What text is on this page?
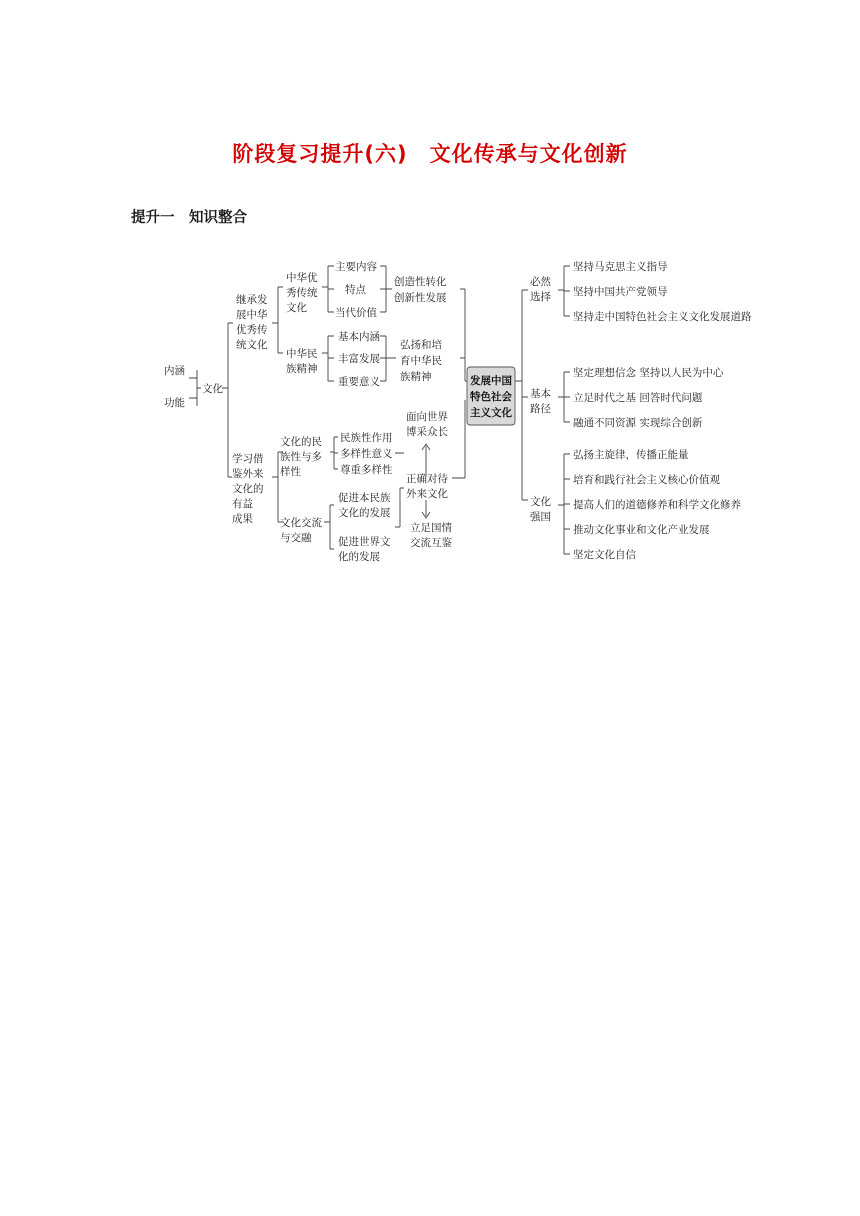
阶段复习提升(六)　文化传承与文化创新
提升一　知识整合
内涵
功能
文化
继承发
展中华
优秀传
统文化
中华优
秀传统
文化
主要内容
特点
当代价值
创造性转化
创新性发展
中华民
族精神
基本内涵
丰富发展
重要意义
弘扬和培
育中华民
族精神
学习借
鉴外来
文化的
有益
成果
文化的民
族性与多
样性
民族性作用
多样性意义
尊重多样性
文化交流
与交融
促进本民族
文化的发展
促进世界文
化的发展
面向世界
博采众长
正确对待
外来文化
立足国情
交流互鉴
发展中国
特色社会
主义文化
必然
选择
坚持马克思主义指导
坚持中国共产党领导
坚持走中国特色社会主义文化发展道路
基本
路径
坚定理想信念 坚持以人民为中心
立足时代之基 回答时代问题
融通不同资源 实现综合创新
文化
强国
弘扬主旋律，传播正能量
培育和践行社会主义核心价值观
提高人们的道德修养和科学文化修养
推动文化事业和文化产业发展
坚定文化自信
